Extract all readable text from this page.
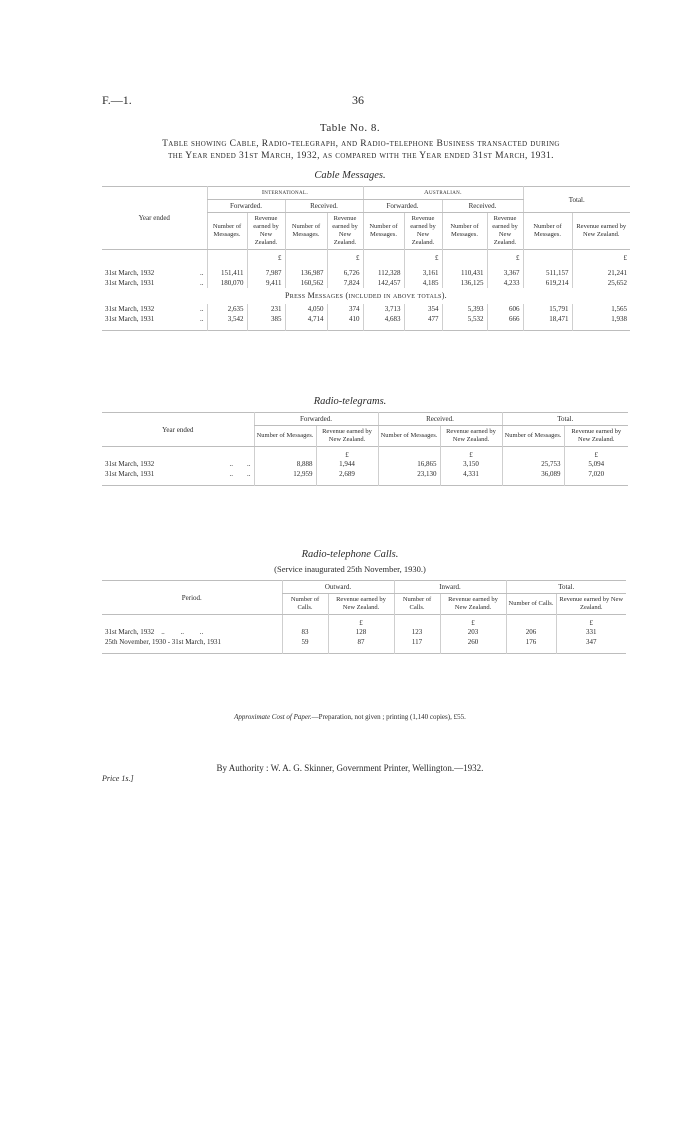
F.—1.	36
Table No. 8.
Table showing Cable, Radio-telegraph, and Radio-telephone Business transacted during
the Year ended 31st March, 1932, as compared with the Year ended 31st March, 1931.
Cable Messages.
Year ended	International.				Australian.				Total.	
	Forwarded.		Received.		Forwarded.		Received.			
	Number of Messages.	Revenue earned by New Zealand.	Number of Messages.	Revenue earned by New Zealand.	Number of Messages.	Revenue earned by New Zealand.	Number of Messages.	Revenue earned by New Zealand.	Number of Messages.	Revenue earned by New Zealand.
		£		£		£		£		£

31st March, 1932 ..	151,411	7,987	136,987	6,726	112,328	3,161	110,431	3,367	511,157	21,241
31st March, 1931 ..	180,070	9,411	160,562	7,824	142,457	4,185	136,125	4,233	619,214	25,652
Press Messages (included in above totals).										
31st March, 1932 ..	2,635	231	4,050	374	3,713	354	5,393	606	15,791	1,565
31st March, 1931 ..	3,542	385	4,714	410	4,683	477	5,532	666	18,471	1,938

Radio-telegrams.
Year ended	Forwarded.		Received.		Total.	
	Number of Messages.	Revenue earned by New Zealand.	Number of Messages.	Revenue earned by New Zealand.	Number of Messages.	Revenue earned by New Zealand.
		£		£		£
31st March, 1932 ..        ..	8,888	1,944	16,865	3,150	25,753	5,094
31st March, 1931 ..        ..	12,959	2,689	23,130	4,331	36,089	7,020

Radio-telephone Calls.
(Service inaugurated 25th November, 1930.)
Period.	Outward.		Inward.		Total.	
	Number of Calls.	Revenue earned by New Zealand.	Number of Calls.	Revenue earned by New Zealand.	Number of Calls.	Revenue earned by New Zealand.
		£		£		£
31st March, 1932    ..         ..         ..	83	128	123	203	206	331
25th November, 1930 - 31st March, 1931	59	87	117	260	176	347

Approximate Cost of Paper.—Preparation, not given ; printing (1,140 copies), £55.
By Authority : W. A. G. Skinner, Government Printer, Wellington.—1932.
Price 1s.]
